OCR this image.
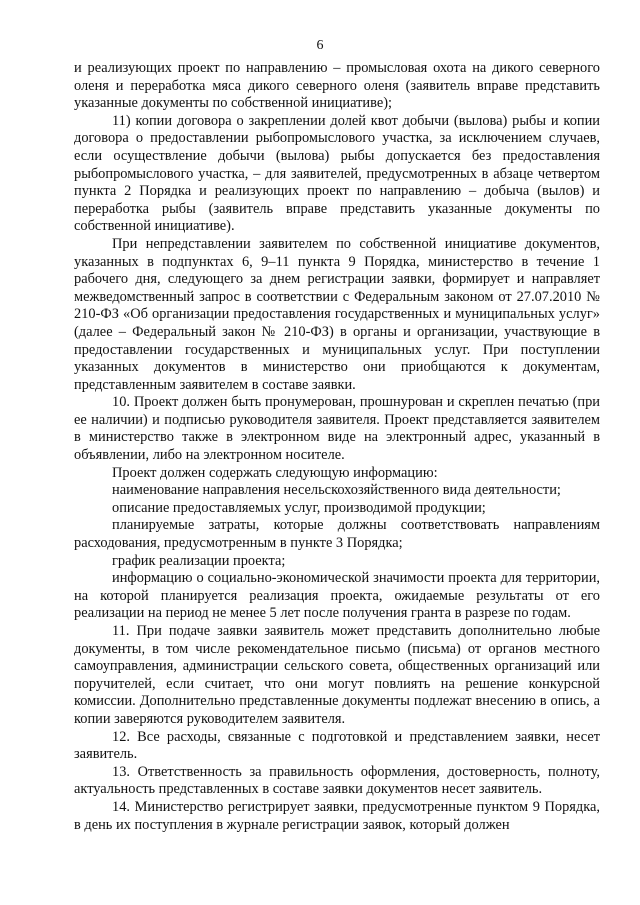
6

и реализующих проект по направлению – промысловая охота на дикого северного оленя и переработка мяса дикого северного оленя (заявитель вправе представить указанные документы по собственной инициативе);

11) копии договора о закреплении долей квот добычи (вылова) рыбы и копии договора о предоставлении рыбопромыслового участка, за исключением случаев, если осуществление добычи (вылова) рыбы допускается без предоставления рыбопромыслового участка, – для заявителей, предусмотренных в абзаце четвертом пункта 2 Порядка и реализующих проект по направлению – добыча (вылов) и переработка рыбы (заявитель вправе представить указанные документы по собственной инициативе).

При непредставлении заявителем по собственной инициативе документов, указанных в подпунктах 6, 9–11 пункта 9 Порядка, министерство в течение 1 рабочего дня, следующего за днем регистрации заявки, формирует и направляет межведомственный запрос в соответствии с Федеральным законом от 27.07.2010 № 210-ФЗ «Об организации предоставления государственных и муниципальных услуг» (далее – Федеральный закон № 210-ФЗ) в органы и организации, участвующие в предоставлении государственных и муниципальных услуг. При поступлении указанных документов в министерство они приобщаются к документам, представленным заявителем в составе заявки.

10. Проект должен быть пронумерован, прошнурован и скреплен печатью (при ее наличии) и подписью руководителя заявителя. Проект представляется заявителем в министерство также в электронном виде на электронный адрес, указанный в объявлении, либо на электронном носителе.

Проект должен содержать следующую информацию:

наименование направления несельскохозяйственного вида деятельности;

описание предоставляемых услуг, производимой продукции;

планируемые затраты, которые должны соответствовать направлениям расходования, предусмотренным в пункте 3 Порядка;

график реализации проекта;

информацию о социально-экономической значимости проекта для территории, на которой планируется реализация проекта, ожидаемые результаты от его реализации на период не менее 5 лет после получения гранта в разрезе по годам.

11. При подаче заявки заявитель может представить дополнительно любые документы, в том числе рекомендательное письмо (письма) от органов местного самоуправления, администрации сельского совета, общественных организаций или поручителей, если считает, что они могут повлиять на решение конкурсной комиссии. Дополнительно представленные документы подлежат внесению в опись, а копии заверяются руководителем заявителя.

12. Все расходы, связанные с подготовкой и представлением заявки, несет заявитель.

13. Ответственность за правильность оформления, достоверность, полноту, актуальность представленных в составе заявки документов несет заявитель.

14. Министерство регистрирует заявки, предусмотренные пунктом 9 Порядка, в день их поступления в журнале регистрации заявок, который должен
